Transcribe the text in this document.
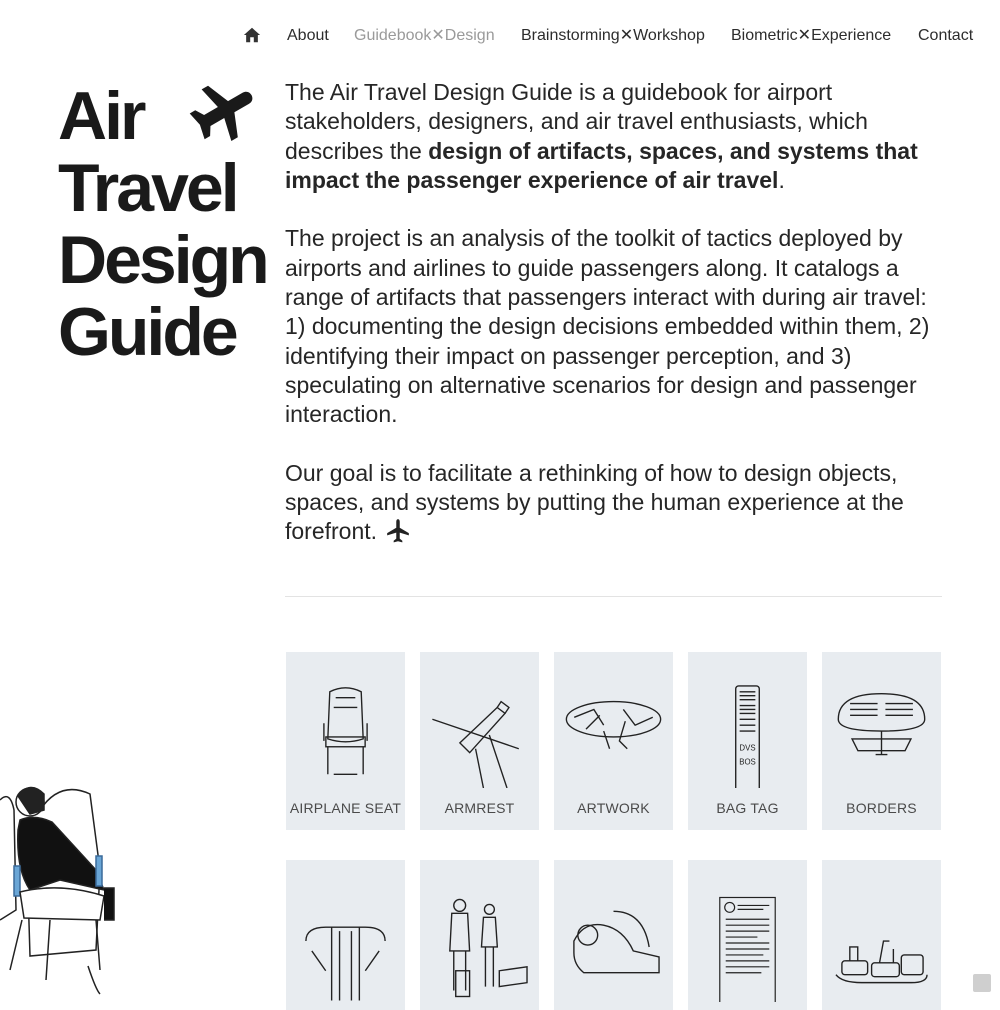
About Guidebook✕Design Brainstorming✕Workshop Biometric✕Experience Contact
Air
Travel
Design
Guide

The Air Travel Design Guide is a guidebook for airport stakeholders, designers, and air travel enthusiasts, which describes the design of artifacts, spaces, and systems that impact the passenger experience of air travel.

The project is an analysis of the toolkit of tactics deployed by airports and airlines to guide passengers along. It catalogs a range of artifacts that passengers interact with during air travel: 1) documenting the design decisions embedded within them, 2) identifying their impact on passenger perception, and 3) speculating on alternative scenarios for design and passenger interaction.

Our goal is to facilitate a rethinking of how to design objects, spaces, and systems by putting the human experience at the forefront.

AIRPLANE SEAT	ARMREST	ARTWORK
DVS
BOS
BAG TAG	BORDERS
